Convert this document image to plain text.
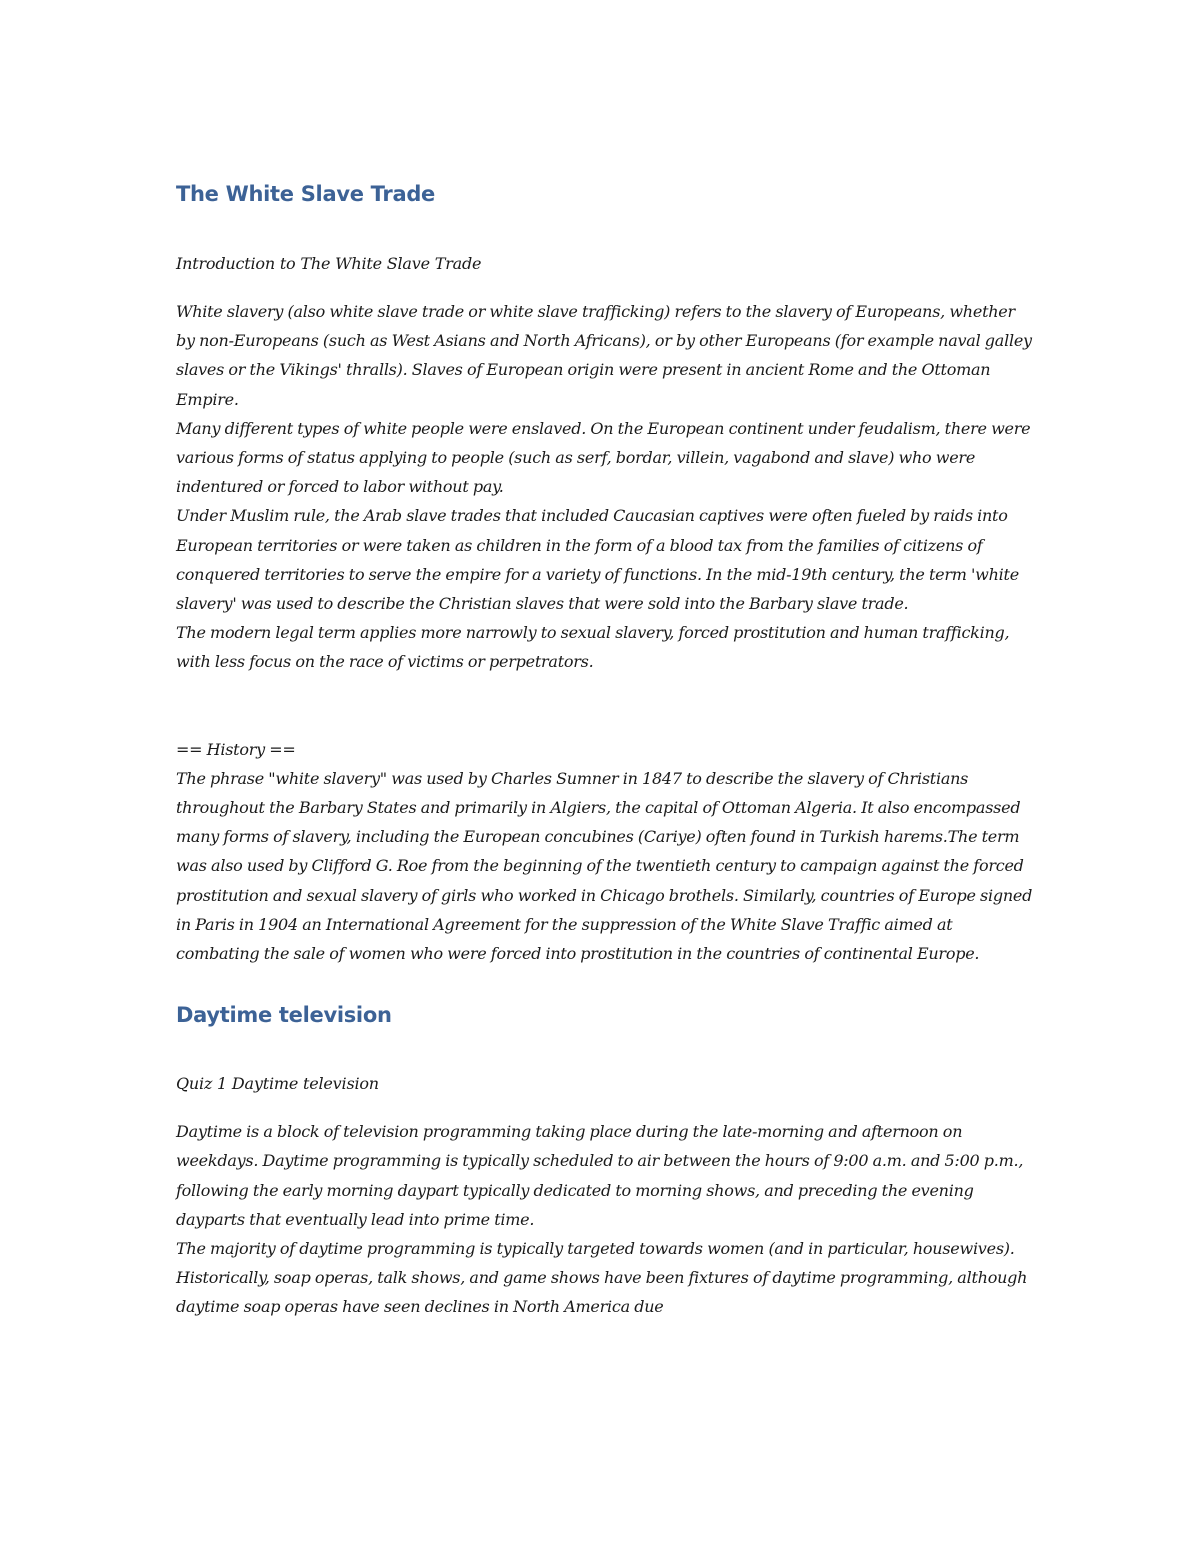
The White Slave Trade

Introduction to The White Slave Trade

White slavery (also white slave trade or white slave trafficking) refers to the slavery of Europeans, whether by non-Europeans (such as West Asians and North Africans), or by other Europeans (for example naval galley slaves or the Vikings' thralls). Slaves of European origin were present in ancient Rome and the Ottoman Empire.

Many different types of white people were enslaved. On the European continent under feudalism, there were various forms of status applying to people (such as serf, bordar, villein, vagabond and slave) who were indentured or forced to labor without pay.

Under Muslim rule, the Arab slave trades that included Caucasian captives were often fueled by raids into European territories or were taken as children in the form of a blood tax from the families of citizens of conquered territories to serve the empire for a variety of functions. In the mid-19th century, the term 'white slavery' was used to describe the Christian slaves that were sold into the Barbary slave trade.

The modern legal term applies more narrowly to sexual slavery, forced prostitution and human trafficking, with less focus on the race of victims or perpetrators.

== History ==

The phrase "white slavery" was used by Charles Sumner in 1847 to describe the slavery of Christians throughout the Barbary States and primarily in Algiers, the capital of Ottoman Algeria. It also encompassed many forms of slavery, including the European concubines (Cariye) often found in Turkish harems.The term was also used by Clifford G. Roe from the beginning of the twentieth century to campaign against the forced prostitution and sexual slavery of girls who worked in Chicago brothels. Similarly, countries of Europe signed in Paris in 1904 an International Agreement for the suppression of the White Slave Traffic aimed at combating the sale of women who were forced into prostitution in the countries of continental Europe.

Daytime television

Quiz 1 Daytime television

Daytime is a block of television programming taking place during the late-morning and afternoon on weekdays. Daytime programming is typically scheduled to air between the hours of 9:00 a.m. and 5:00 p.m., following the early morning daypart typically dedicated to morning shows, and preceding the evening dayparts that eventually lead into prime time.

The majority of daytime programming is typically targeted towards women (and in particular, housewives). Historically, soap operas, talk shows, and game shows have been fixtures of daytime programming, although daytime soap operas have seen declines in North America due
